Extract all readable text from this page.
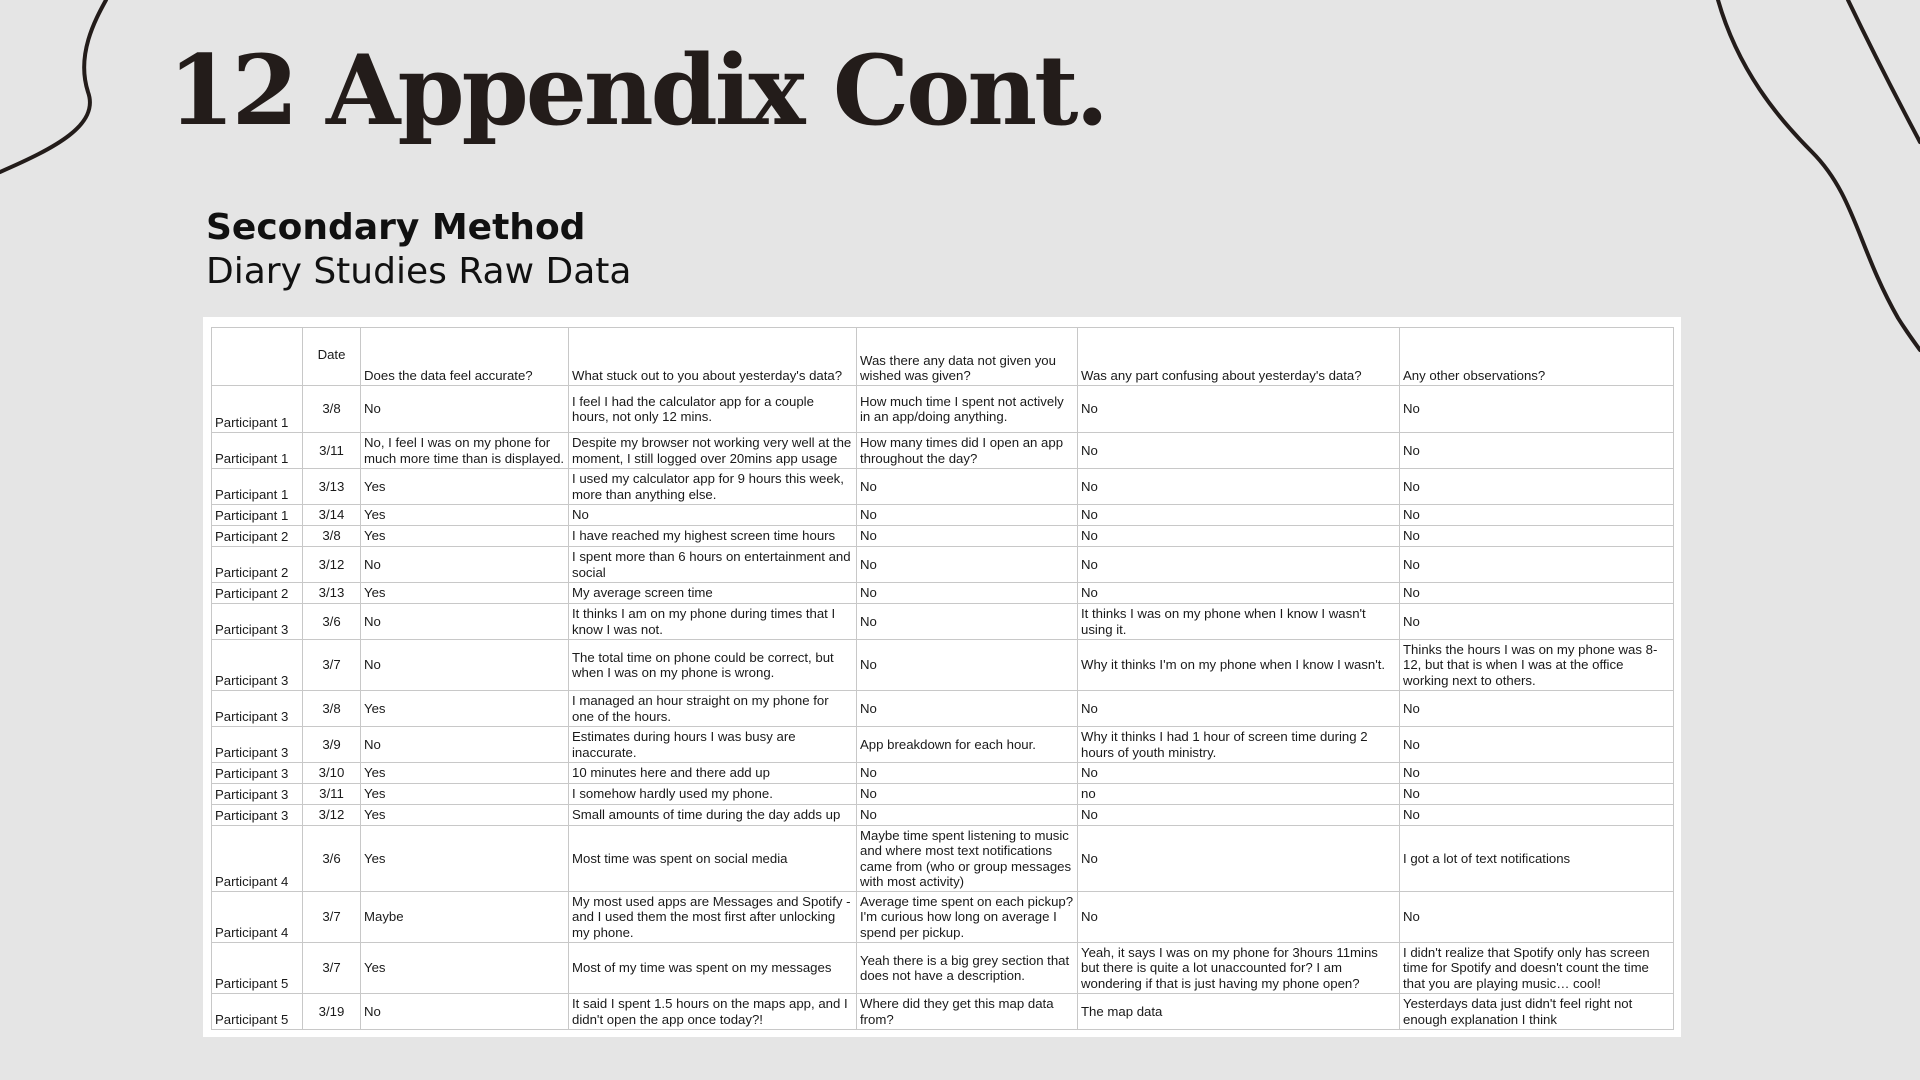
12 Appendix Cont.
Secondary Method
Diary Studies Raw Data
	Date	Does the data feel accurate?	What stuck out to you about yesterday's data?	Was there any data not given you wished was given?	Was any part confusing about yesterday's data?	Any other observations?
Participant 1	3/8	No	I feel I had the calculator app for a couple hours, not only 12 mins.	How much time I spent not actively in an app/doing anything.	No	No
Participant 1	3/11	No, I feel I was on my phone for much more time than is displayed.	Despite my browser not working very well at the moment, I still logged over 20mins app usage	How many times did I open an app throughout the day?	No	No
Participant 1	3/13	Yes	I used my calculator app for 9 hours this week, more than anything else.	No	No	No
Participant 1	3/14	Yes	No	No	No	No
Participant 2	3/8	Yes	I have reached my highest screen time hours	No	No	No
Participant 2	3/12	No	I spent more than 6 hours on entertainment and social	No	No	No
Participant 2	3/13	Yes	My average screen time	No	No	No
Participant 3	3/6	No	It thinks I am on my phone during times that I know I was not.	No	It thinks I was on my phone when I know I wasn't using it.	No
Participant 3	3/7	No	The total time on phone could be correct, but when I was on my phone is wrong.	No	Why it thinks I'm on my phone when I know I wasn't.	Thinks the hours I was on my phone was 8-12, but that is when I was at the office working next to others.
Participant 3	3/8	Yes	I managed an hour straight on my phone for one of the hours.	No	No	No
Participant 3	3/9	No	Estimates during hours I was busy are inaccurate.	App breakdown for each hour.	Why it thinks I had 1 hour of screen time during 2 hours of youth ministry.	No
Participant 3	3/10	Yes	10 minutes here and there add up	No	No	No
Participant 3	3/11	Yes	I somehow hardly used my phone.	No	no	No
Participant 3	3/12	Yes	Small amounts of time during the day adds up	No	No	No
Participant 4	3/6	Yes	Most time was spent on social media	Maybe time spent listening to music and where most text notifications came from (who or group messages with most activity)	No	I got a lot of text notifications
Participant 4	3/7	Maybe	My most used apps are Messages and Spotify - and I used them the most first after unlocking my phone.	Average time spent on each pickup? I'm curious how long on average I spend per pickup.	No	No
Participant 5	3/7	Yes	Most of my time was spent on my messages	Yeah there is a big grey section that does not have a description.	Yeah, it says I was on my phone for 3hours 11mins but there is quite a lot unaccounted for? I am wondering if that is just having my phone open?	I didn't realize that Spotify only has screen time for Spotify and doesn't count the time that you are playing music… cool!
Participant 5	3/19	No	It said I spent 1.5 hours on the maps app, and I didn't open the app once today?!	Where did they get this map data from?	The map data	Yesterdays data just didn't feel right not enough explanation I think
